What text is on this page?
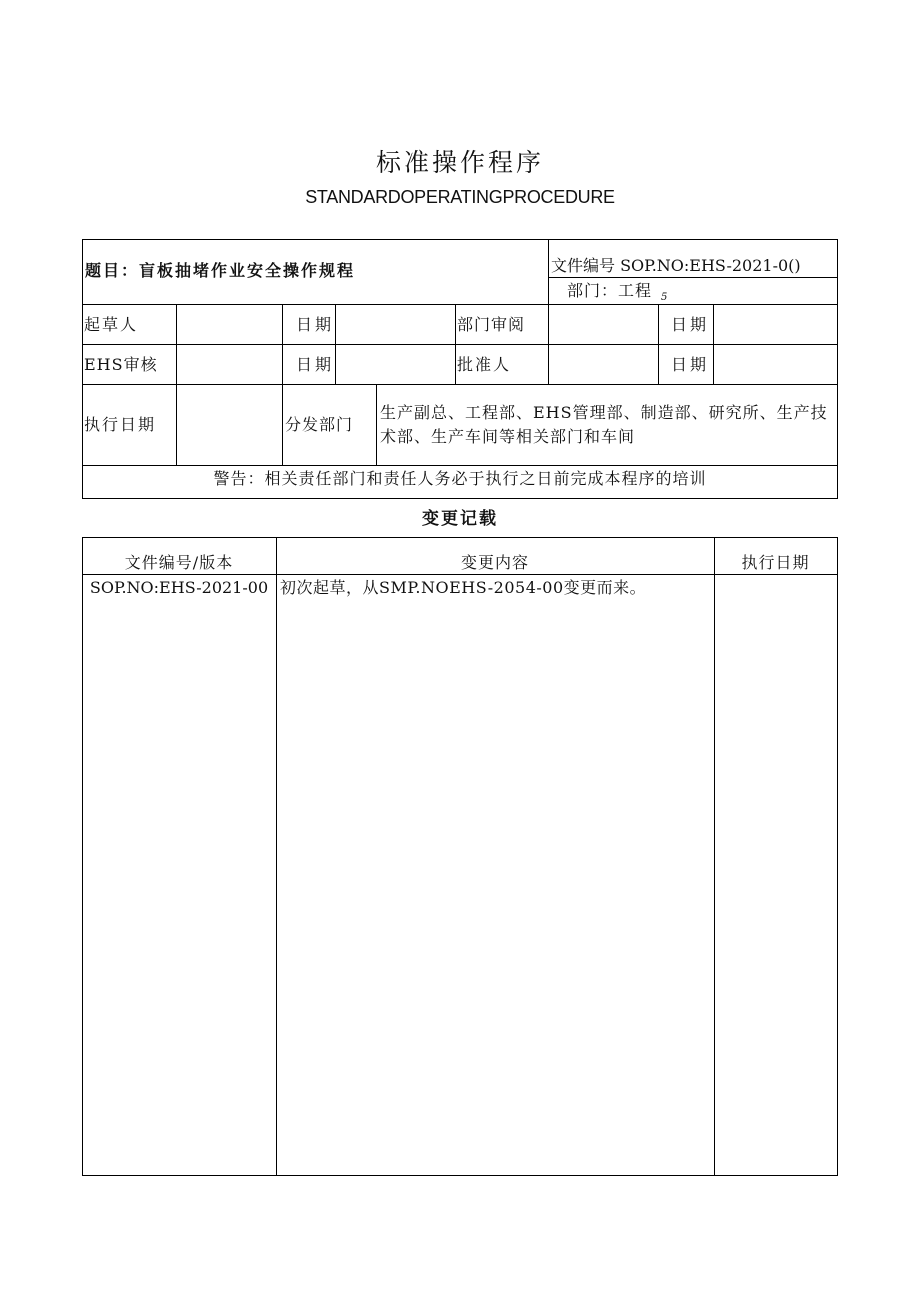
标准操作程序
STANDARDOPERATINGPROCEDURE
题目：盲板抽堵作业安全操作规程	文件编号 SOP.NO:EHS-2021-0()
部门：工程 5
起草人	日期	部门审阅	日期
EHS审核	日期	批准人	日期
执行日期	分发部门
生产副总、工程部、EHS管理部、制造部、研究所、生产技术部、生产车间等相关部门和车间
警告：相关责任部门和责任人务必于执行之日前完成本程序的培训
变更记载
文件编号/版本	变更内容	执行日期
SOP.NO:EHS-2021-00 初次起草，从SMP.NOEHS-2054-00变更而来。
